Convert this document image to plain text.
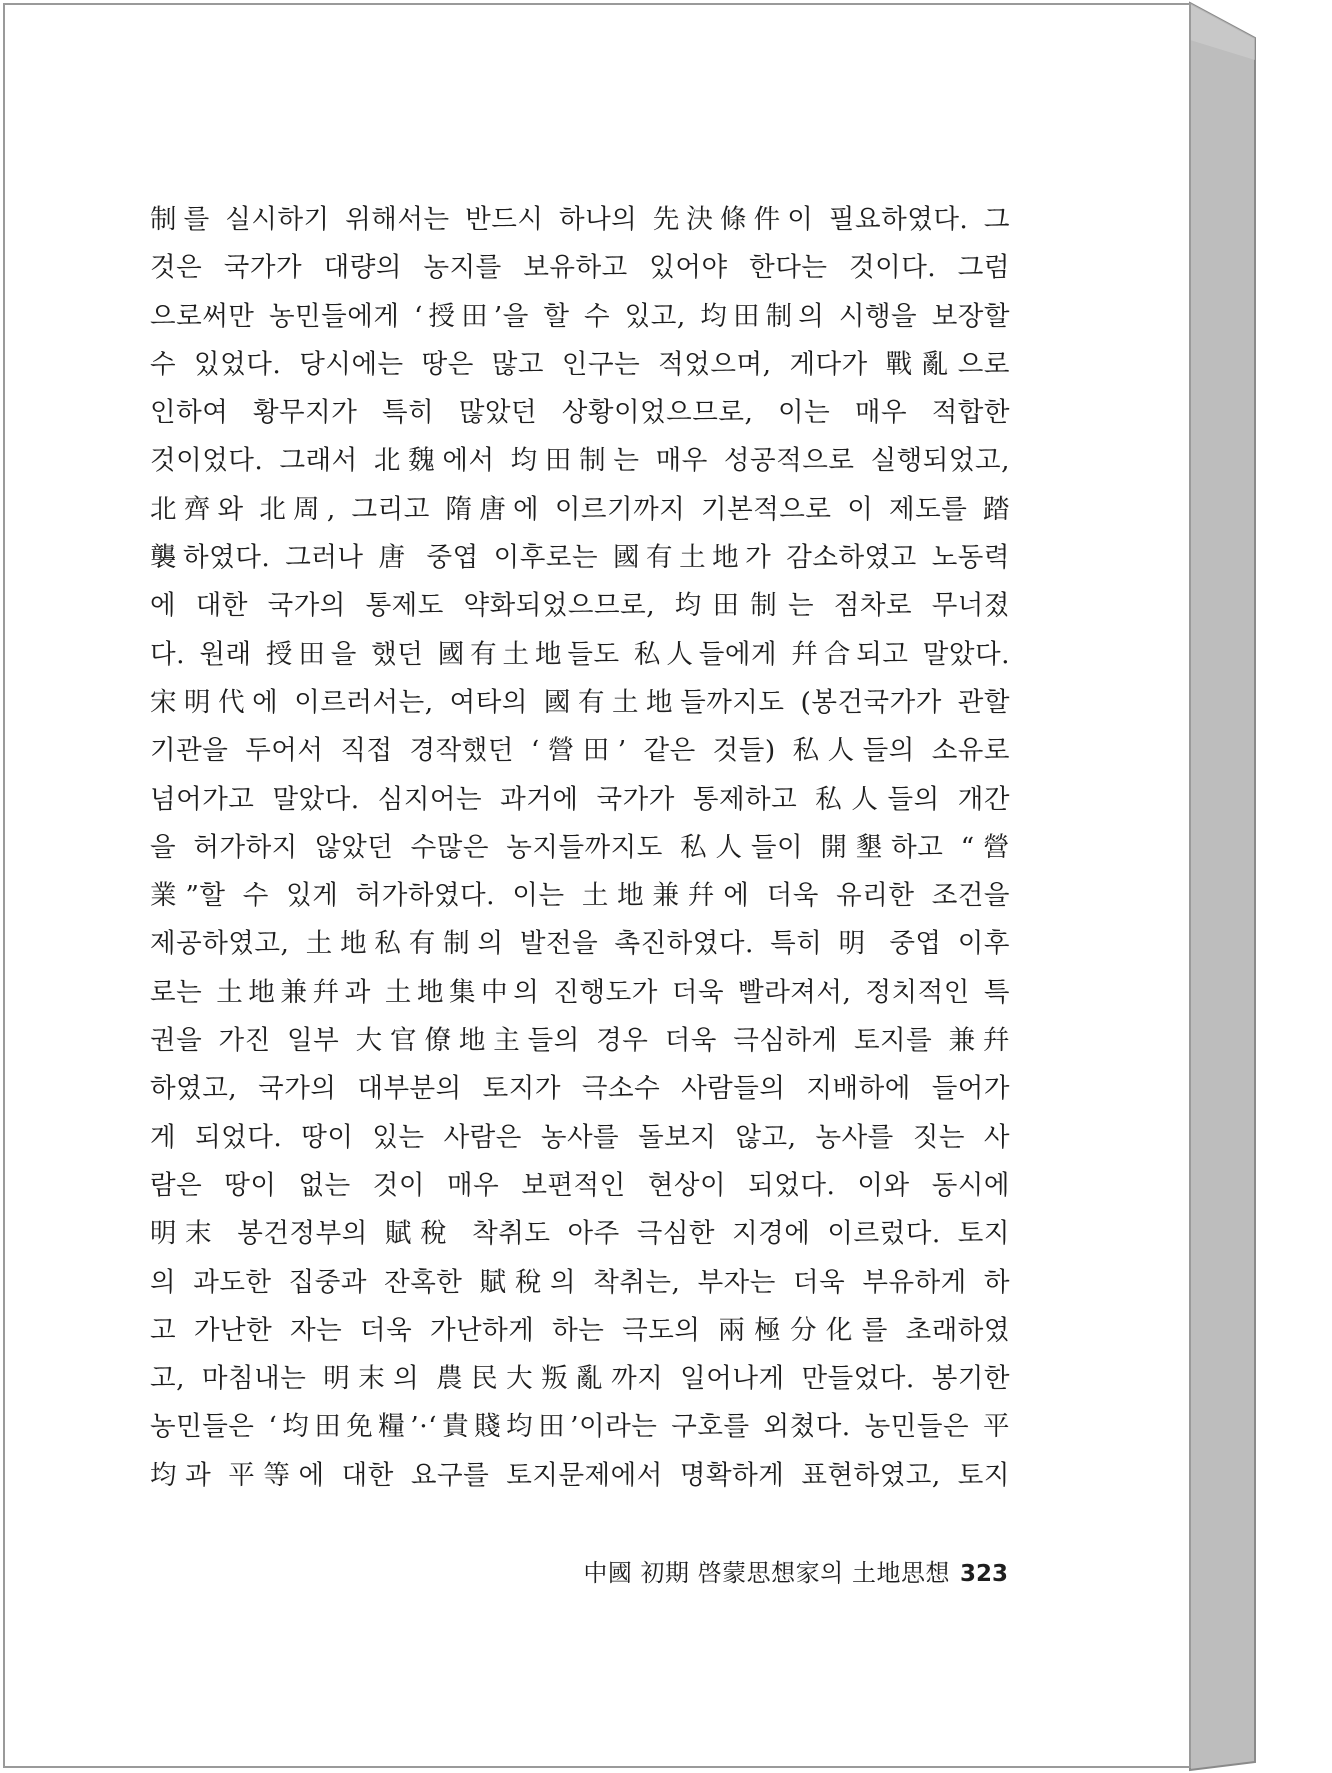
制를 실시하기 위해서는 반드시 하나의 先決條件이 필요하였다. 그
것은 국가가 대량의 농지를 보유하고 있어야 한다는 것이다. 그럼
으로써만 농민들에게 ‘授田’을 할 수 있고, 均田制의 시행을 보장할
수 있었다. 당시에는 땅은 많고 인구는 적었으며, 게다가 戰亂으로
인하여 황무지가 특히 많았던 상황이었으므로, 이는 매우 적합한
것이었다. 그래서 北魏에서 均田制는 매우 성공적으로 실행되었고,
北齊와 北周, 그리고 隋唐에 이르기까지 기본적으로 이 제도를 踏
襲하였다. 그러나 唐 중엽 이후로는 國有土地가 감소하였고 노동력
에 대한 국가의 통제도 약화되었으므로, 均田制는 점차로 무너졌
다. 원래 授田을 했던 國有土地들도 私人들에게 幷合되고 말았다.
宋明代에 이르러서는, 여타의 國有土地들까지도 (봉건국가가 관할
기관을 두어서 직접 경작했던 ‘營田’ 같은 것들) 私人들의 소유로
넘어가고 말았다. 심지어는 과거에 국가가 통제하고 私人들의 개간
을 허가하지 않았던 수많은 농지들까지도 私人들이 開墾하고 “營
業”할 수 있게 허가하였다. 이는 土地兼幷에 더욱 유리한 조건을
제공하였고, 土地私有制의 발전을 촉진하였다. 특히 明 중엽 이후
로는 土地兼幷과 土地集中의 진행도가 더욱 빨라져서, 정치적인 특
권을 가진 일부 大官僚地主들의 경우 더욱 극심하게 토지를 兼幷
하였고, 국가의 대부분의 토지가 극소수 사람들의 지배하에 들어가
게 되었다. 땅이 있는 사람은 농사를 돌보지 않고, 농사를 짓는 사
람은 땅이 없는 것이 매우 보편적인 현상이 되었다. 이와 동시에
明末 봉건정부의 賦稅 착취도 아주 극심한 지경에 이르렀다. 토지
의 과도한 집중과 잔혹한 賦稅의 착취는, 부자는 더욱 부유하게 하
고 가난한 자는 더욱 가난하게 하는 극도의 兩極分化를 초래하였
고, 마침내는 明末의 農民大叛亂까지 일어나게 만들었다. 봉기한
농민들은 ‘均田免糧’·‘貴賤均田’이라는 구호를 외쳤다. 농민들은 平
均과 平等에 대한 요구를 토지문제에서 명확하게 표현하였고, 토지
中國 初期 啓蒙思想家의 土地思想 323
